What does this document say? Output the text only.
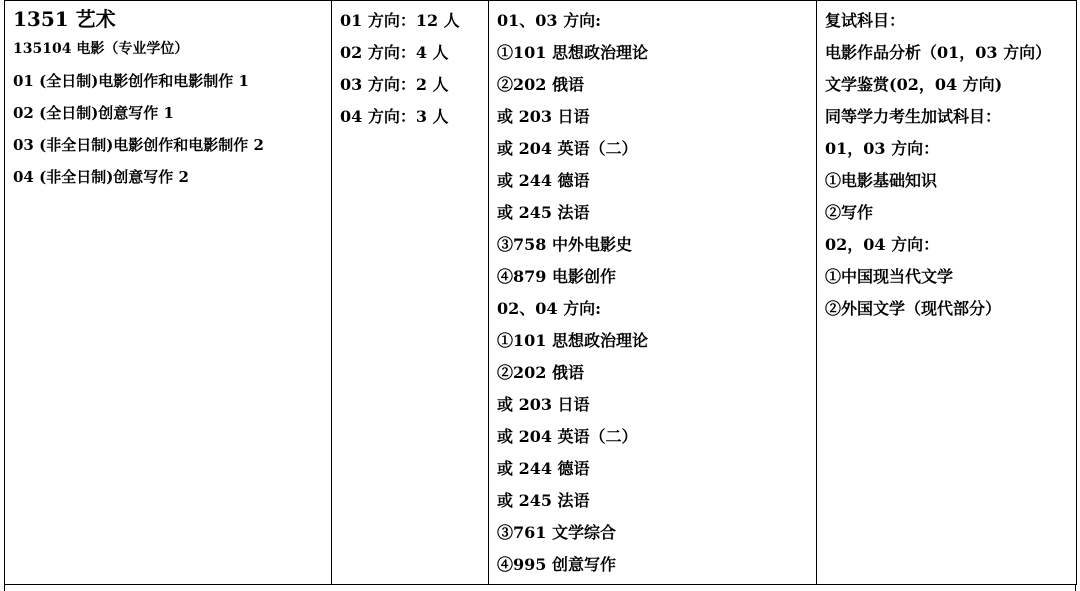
1351 艺术
135104 电影（专业学位）
01 (全日制)电影创作和电影制作 1
02 (全日制)创意写作 1
03 (非全日制)电影创作和电影制作 2
04 (非全日制)创意写作 2

01 方向：12 人
02 方向：4 人
03 方向：2 人
04 方向：3 人

01、03 方向:
①101 思想政治理论
②202 俄语
或 203 日语
或 204 英语（二）
或 244 德语
或 245 法语
③758 中外电影史
④879 电影创作
02、04 方向:
①101 思想政治理论
②202 俄语
或 203 日语
或 204 英语（二）
或 244 德语
或 245 法语
③761 文学综合
④995 创意写作

复试科目：
电影作品分析（01，03 方向）
文学鉴赏(02，04 方向)
同等学力考生加试科目：
01，03 方向：
①电影基础知识
②写作
02，04 方向：
①中国现当代文学
②外国文学（现代部分）
